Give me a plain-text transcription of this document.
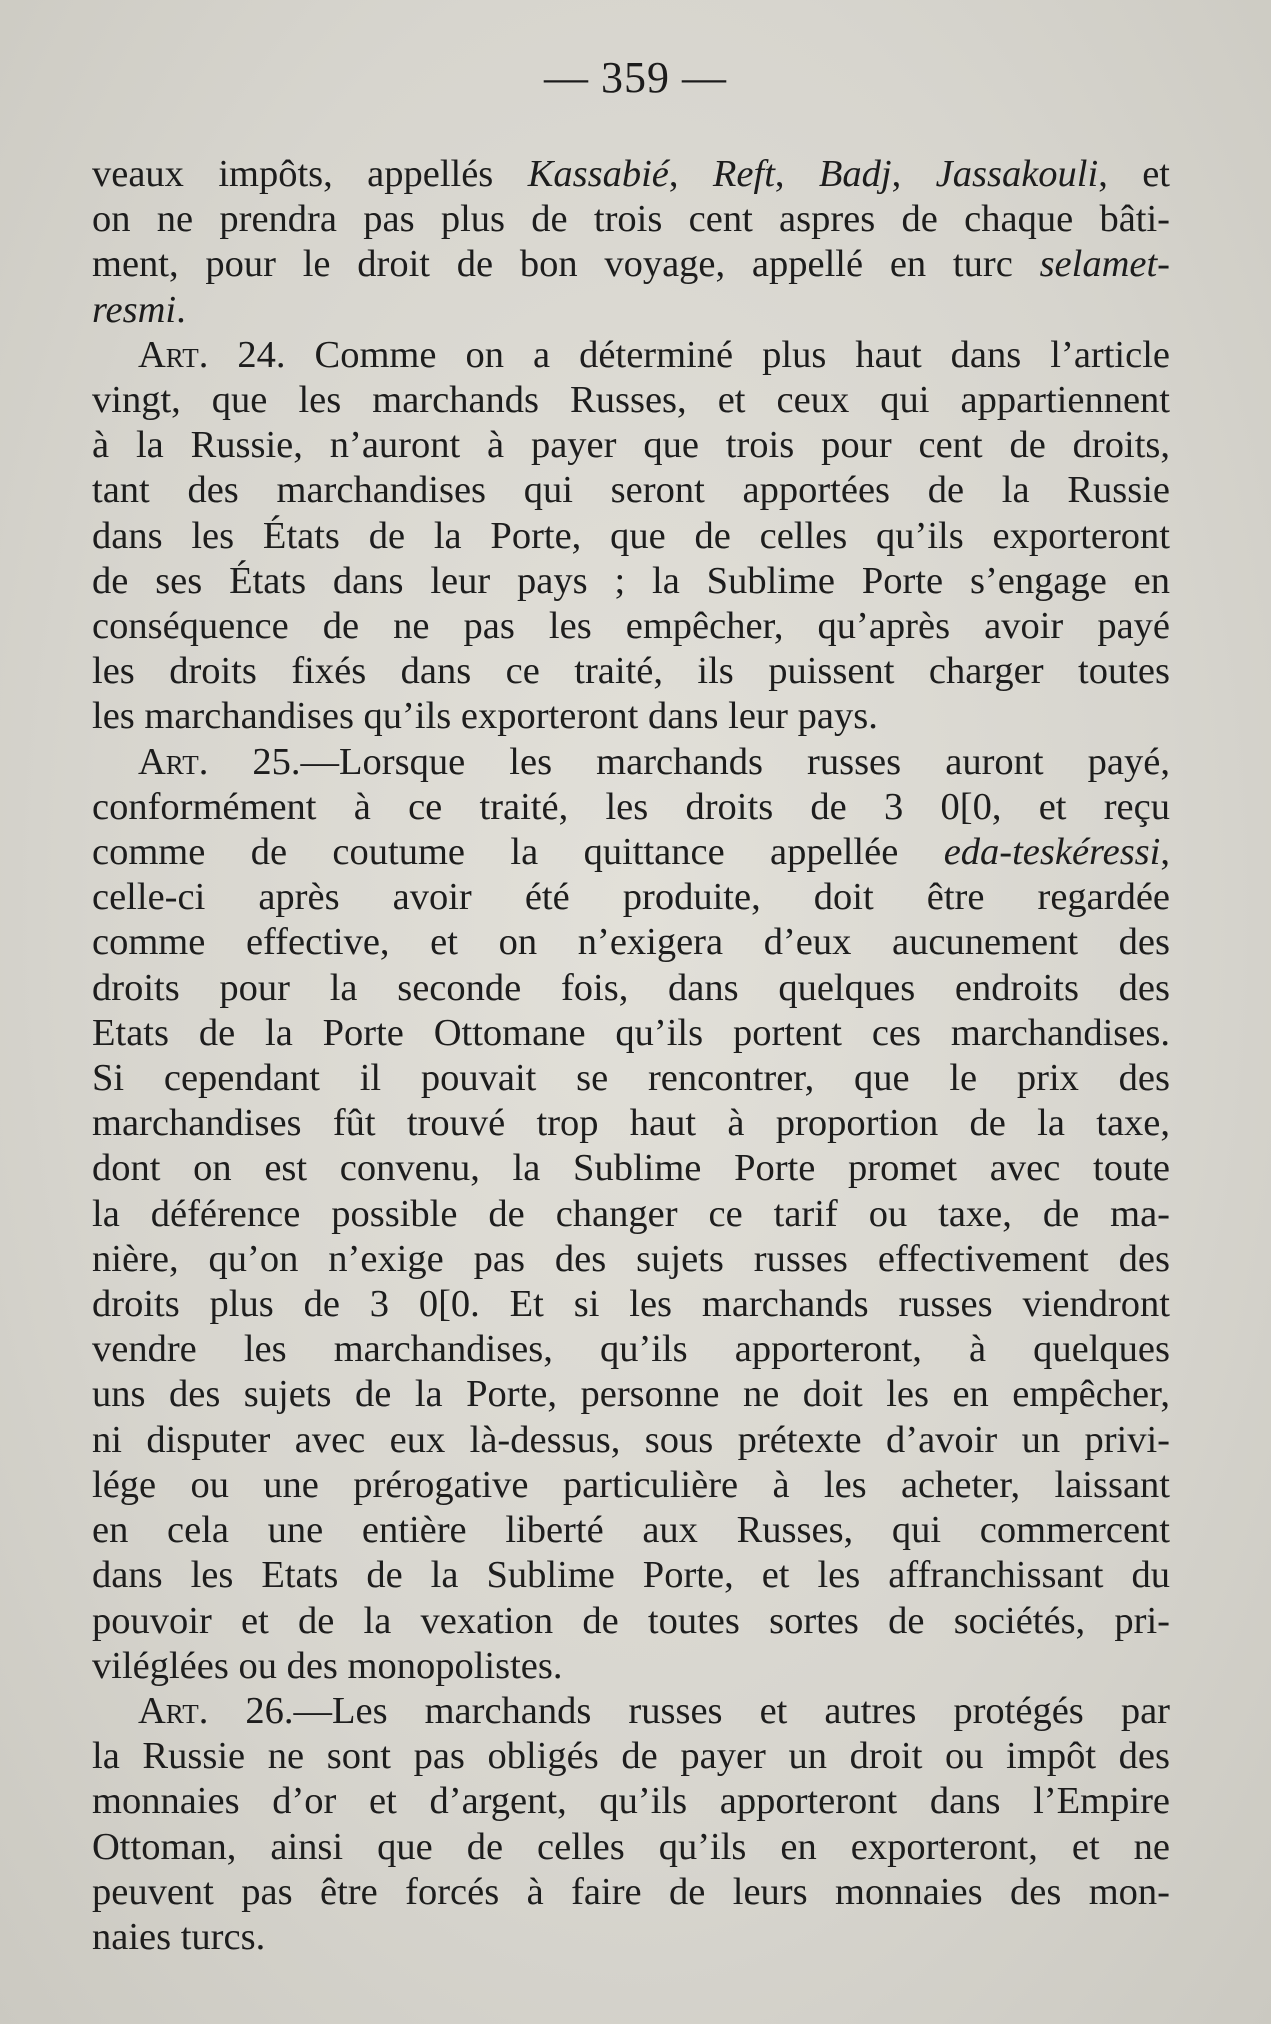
— 359 —
veaux impôts, appellés Kassabié, Reft, Badj, Jassakouli, et
on ne prendra pas plus de trois cent aspres de chaque bâti-
ment, pour le droit de bon voyage, appellé en turc selamet-
resmi.
Art. 24. Comme on a déterminé plus haut dans l’article
vingt, que les marchands Russes, et ceux qui appartiennent
à la Russie, n’auront à payer que trois pour cent de droits,
tant des marchandises qui seront apportées de la Russie
dans les États de la Porte, que de celles qu’ils exporteront
de ses États dans leur pays ; la Sublime Porte s’engage en
conséquence de ne pas les empêcher, qu’après avoir payé
les droits fixés dans ce traité, ils puissent charger toutes
les marchandises qu’ils exporteront dans leur pays.
Art. 25.—Lorsque les marchands russes auront payé,
conformément à ce traité, les droits de 3 0[0, et reçu
comme de coutume la quittance appellée eda-teskéressi,
celle-ci après avoir été produite, doit être regardée
comme effective, et on n’exigera d’eux aucunement des
droits pour la seconde fois, dans quelques endroits des
Etats de la Porte Ottomane qu’ils portent ces marchandises.
Si cependant il pouvait se rencontrer, que le prix des
marchandises fût trouvé trop haut à proportion de la taxe,
dont on est convenu, la Sublime Porte promet avec toute
la déférence possible de changer ce tarif ou taxe, de ma-
nière, qu’on n’exige pas des sujets russes effectivement des
droits plus de 3 0[0. Et si les marchands russes viendront
vendre les marchandises, qu’ils apporteront, à quelques
uns des sujets de la Porte, personne ne doit les en empêcher,
ni disputer avec eux là-dessus, sous prétexte d’avoir un privi-
lége ou une prérogative particulière à les acheter, laissant
en cela une entière liberté aux Russes, qui commercent
dans les Etats de la Sublime Porte, et les affranchissant du
pouvoir et de la vexation de toutes sortes de sociétés, pri-
viléglées ou des monopolistes.
Art. 26.—Les marchands russes et autres protégés par
la Russie ne sont pas obligés de payer un droit ou impôt des
monnaies d’or et d’argent, qu’ils apporteront dans l’Empire
Ottoman, ainsi que de celles qu’ils en exporteront, et ne
peuvent pas être forcés à faire de leurs monnaies des mon-
naies turcs.
